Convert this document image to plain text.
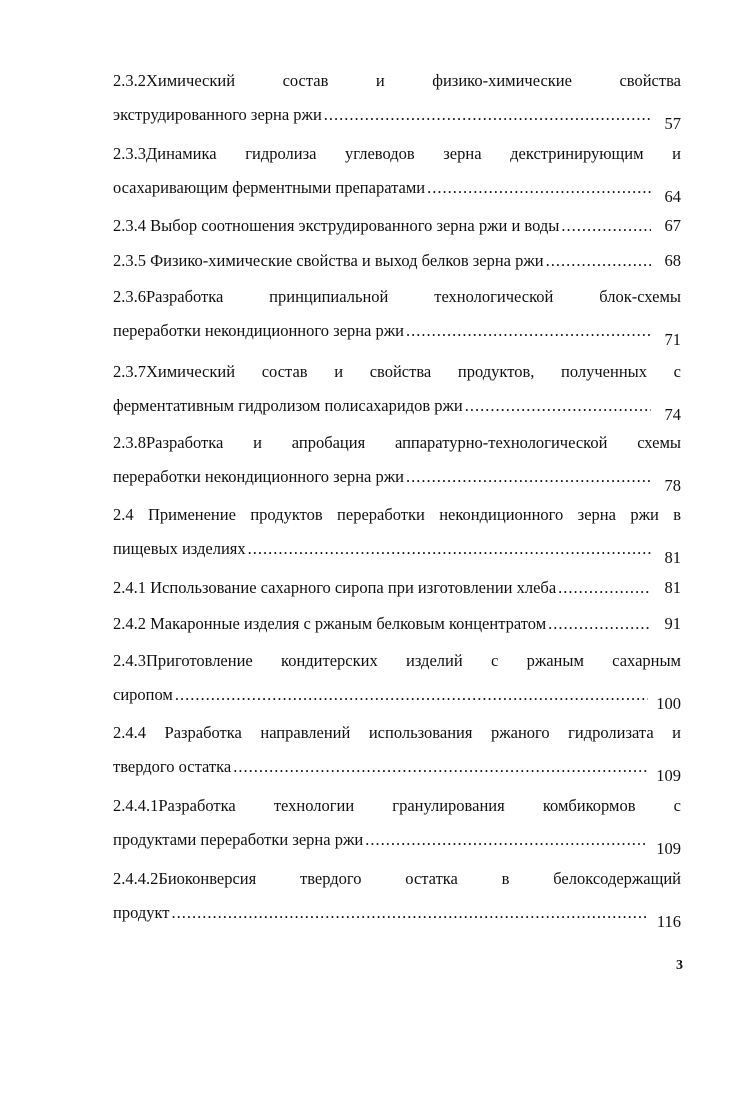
2.3.2Химический состав и физико-химические свойства
экструдированного зерна ржи .....	57
2.3.3Динамика гидролиза углеводов зерна декстринирующим и
осахаривающим ферментными препаратами .....	64
2.3.4 Выбор соотношения экструдированного зерна ржи и воды .....	67
2.3.5 Физико-химические свойства и выход белков зерна ржи .....	68
2.3.6Разработка принципиальной технологической блок-схемы
переработки некондиционного зерна ржи .....	71
2.3.7Химический состав и свойства продуктов, полученных с
ферментативным гидролизом полисахаридов ржи .....	74
2.3.8Разработка и апробация аппаратурно-технологической схемы
переработки некондиционного зерна ржи .....	78
2.4 Применение продуктов переработки некондиционного зерна ржи в
пищевых изделиях .....	81
2.4.1 Использование сахарного сиропа при изготовлении хлеба .....	81
2.4.2 Макаронные изделия с ржаным белковым концентратом .....	91
2.4.3Приготовление кондитерских изделий с ржаным сахарным
сиропом .....	100
2.4.4 Разработка направлений использования ржаного гидролизата и
твердого остатка .....	109
2.4.4.1Разработка технологии гранулирования комбикормов с
продуктами переработки зерна ржи .....	109
2.4.4.2Биоконверсия твердого остатка в белоксодержащий
продукт .....	116
3
